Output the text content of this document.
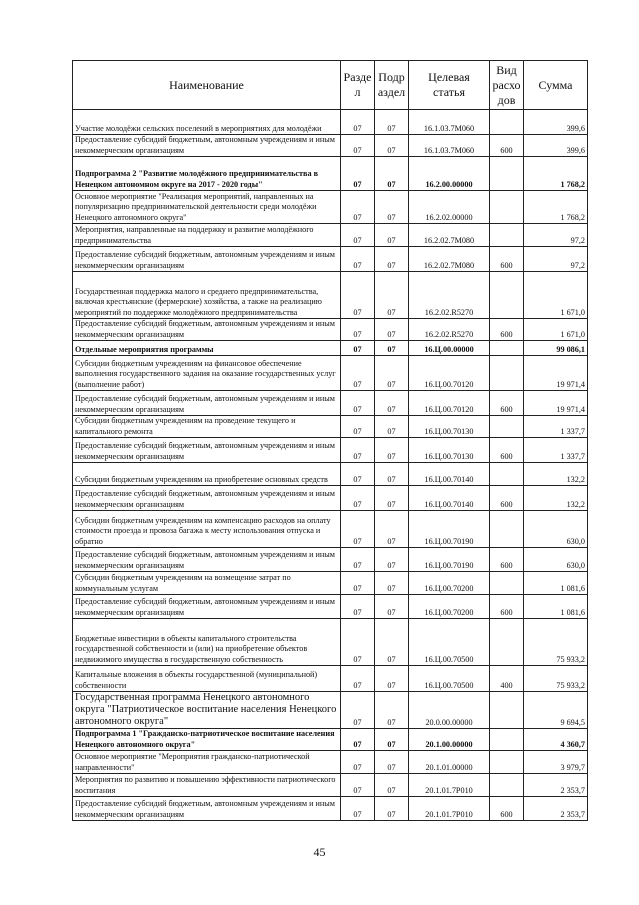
Наименование	Разде л	Подр аздел	Целевая статья	Вид расхо дов	Сумма
Участие молодёжи сельских поселений в мероприятиях для молодёжи	07	07	16.1.03.7М060		399,6
Предоставление субсидий бюджетным, автономным учреждениям и иным некоммерческим организациям	07	07	16.1.03.7М060	600	399,6
Подпрограмма 2 "Развитие молодёжного предпринимательства в Ненецком автономном округе на 2017 - 2020 годы"	07	07	16.2.00.00000		1 768,2
Основное мероприятие "Реализация мероприятий, направленных на популяризацию предпринимательской деятельности среди молодёжи Ненецкого автономного округа"	07	07	16.2.02.00000		1 768,2
Мероприятия, направленные на поддержку и развитие молодёжного предпринимательства	07	07	16.2.02.7М080		97,2
Предоставление субсидий бюджетным, автономным учреждениям и иным некоммерческим организациям	07	07	16.2.02.7М080	600	97,2
Государственная поддержка малого и среднего предпринимательства, включая крестьянские (фермерские) хозяйства, а также на реализацию мероприятий по поддержке молодёжного предпринимательства	07	07	16.2.02.R5270		1 671,0
Предоставление субсидий бюджетным, автономным учреждениям и иным некоммерческим организациям	07	07	16.2.02.R5270	600	1 671,0
Отдельные мероприятия программы	07	07	16.Ц.00.00000		99 086,1
Субсидии бюджетным учреждениям на финансовое обеспечение выполнения государственного задания на оказание государственных услуг (выполнение работ)	07	07	16.Ц.00.70120		19 971,4
Предоставление субсидий бюджетным, автономным учреждениям и иным некоммерческим организациям	07	07	16.Ц.00.70120	600	19 971,4
Субсидии бюджетным учреждениям на проведение текущего и капитального ремонта	07	07	16.Ц.00.70130		1 337,7
Предоставление субсидий бюджетным, автономным учреждениям и иным некоммерческим организациям	07	07	16.Ц.00.70130	600	1 337,7
Субсидии бюджетным учреждениям на приобретение основных средств	07	07	16.Ц.00.70140		132,2
Предоставление субсидий бюджетным, автономным учреждениям и иным некоммерческим организациям	07	07	16.Ц.00.70140	600	132,2
Субсидии бюджетным учреждениям на компенсацию расходов на оплату стоимости проезда и провоза багажа к месту использования отпуска и обратно	07	07	16.Ц.00.70190		630,0
Предоставление субсидий бюджетным, автономным учреждениям и иным некоммерческим организациям	07	07	16.Ц.00.70190	600	630,0
Субсидии бюджетным учреждениям на возмещение затрат по коммунальным услугам	07	07	16.Ц.00.70200		1 081,6
Предоставление субсидий бюджетным, автономным учреждениям и иным некоммерческим организациям	07	07	16.Ц.00.70200	600	1 081,6
Бюджетные инвестиции в объекты капитального строительства государственной собственности и (или) на приобретение объектов недвижимого имущества в государственную собственность	07	07	16.Ц.00.70500		75 933,2
Капитальные вложения в объекты государственной (муниципальной) собственности	07	07	16.Ц.00.70500	400	75 933,2
Государственная программа Ненецкого автономного округа "Патриотическое воспитание населения Ненецкого автономного округа"	07	07	20.0.00.00000		9 694,5
Подпрограмма 1 "Гражданско-патриотическое воспитание населения Ненецкого автономного округа"	07	07	20.1.00.00000		4 360,7
Основное мероприятие "Мероприятия гражданско-патриотической направленности"	07	07	20.1.01.00000		3 979,7
Мероприятия по развитию и повышению эффективности патриотического воспитания	07	07	20.1.01.7Р010		2 353,7
Предоставление субсидий бюджетным, автономным учреждениям и иным некоммерческим организациям	07	07	20.1.01.7Р010	600	2 353,7
45
